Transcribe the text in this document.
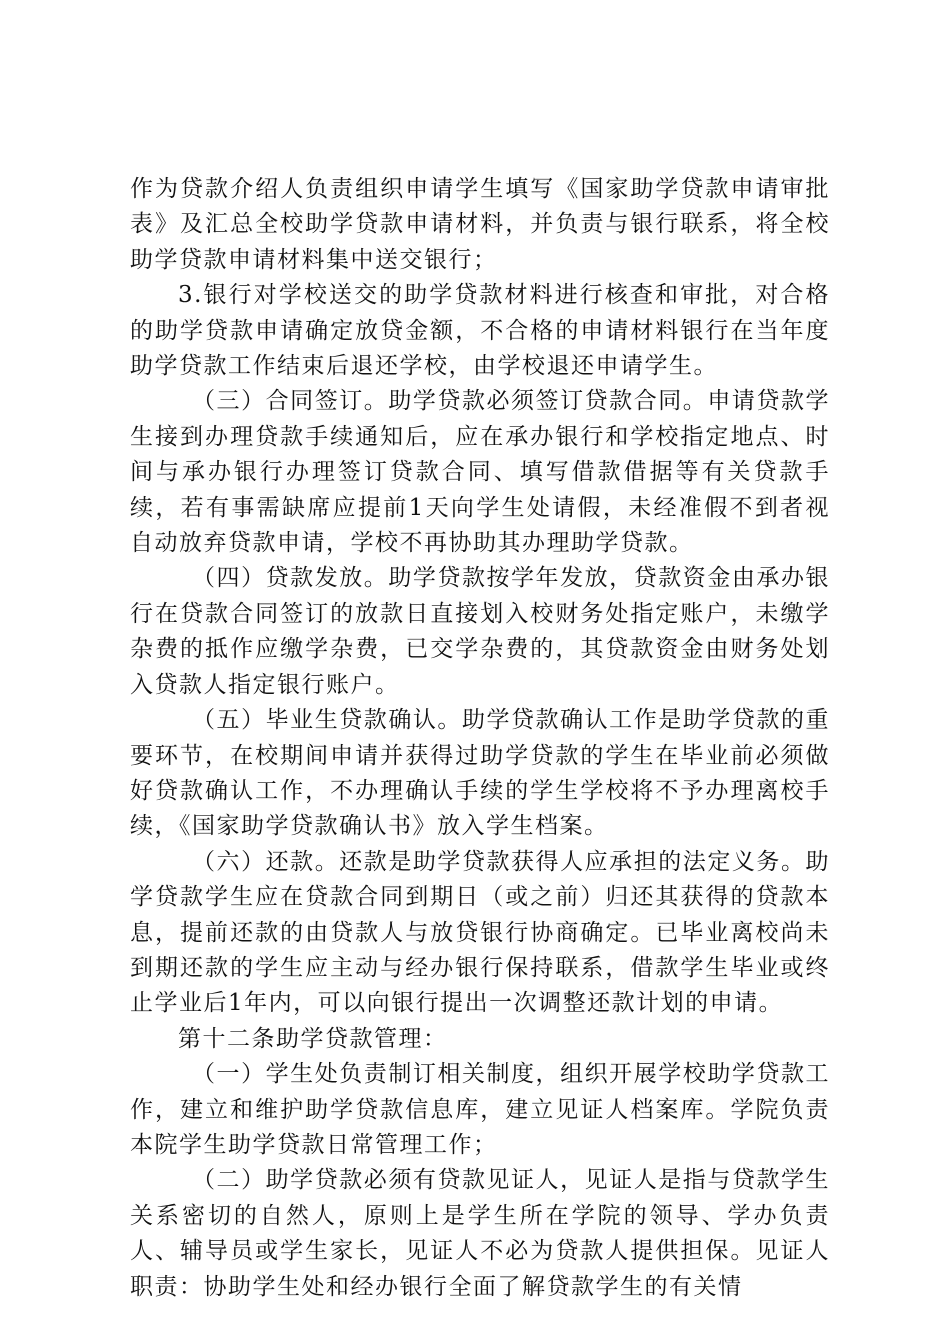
作为贷款介绍人负责组织申请学生填写《国家助学贷款申请审批表》及汇总全校助学贷款申请材料，并负责与银行联系，将全校助学贷款申请材料集中送交银行；

3.银行对学校送交的助学贷款材料进行核查和审批，对合格的助学贷款申请确定放贷金额，不合格的申请材料银行在当年度助学贷款工作结束后退还学校，由学校退还申请学生。

（三）合同签订。助学贷款必须签订贷款合同。申请贷款学生接到办理贷款手续通知后，应在承办银行和学校指定地点、时间与承办银行办理签订贷款合同、填写借款借据等有关贷款手续，若有事需缺席应提前1天向学生处请假，未经准假不到者视自动放弃贷款申请，学校不再协助其办理助学贷款。

（四）贷款发放。助学贷款按学年发放，贷款资金由承办银行在贷款合同签订的放款日直接划入校财务处指定账户，未缴学杂费的抵作应缴学杂费，已交学杂费的，其贷款资金由财务处划入贷款人指定银行账户。

（五）毕业生贷款确认。助学贷款确认工作是助学贷款的重要环节，在校期间申请并获得过助学贷款的学生在毕业前必须做好贷款确认工作，不办理确认手续的学生学校将不予办理离校手续，《国家助学贷款确认书》放入学生档案。

（六）还款。还款是助学贷款获得人应承担的法定义务。助学贷款学生应在贷款合同到期日（或之前）归还其获得的贷款本息，提前还款的由贷款人与放贷银行协商确定。已毕业离校尚未到期还款的学生应主动与经办银行保持联系，借款学生毕业或终止学业后1年内，可以向银行提出一次调整还款计划的申请。

第十二条助学贷款管理：

（一）学生处负责制订相关制度，组织开展学校助学贷款工作，建立和维护助学贷款信息库，建立见证人档案库。学院负责本院学生助学贷款日常管理工作；

（二）助学贷款必须有贷款见证人，见证人是指与贷款学生关系密切的自然人，原则上是学生所在学院的领导、学办负责人、辅导员或学生家长，见证人不必为贷款人提供担保。见证人职责：协助学生处和经办银行全面了解贷款学生的有关情
